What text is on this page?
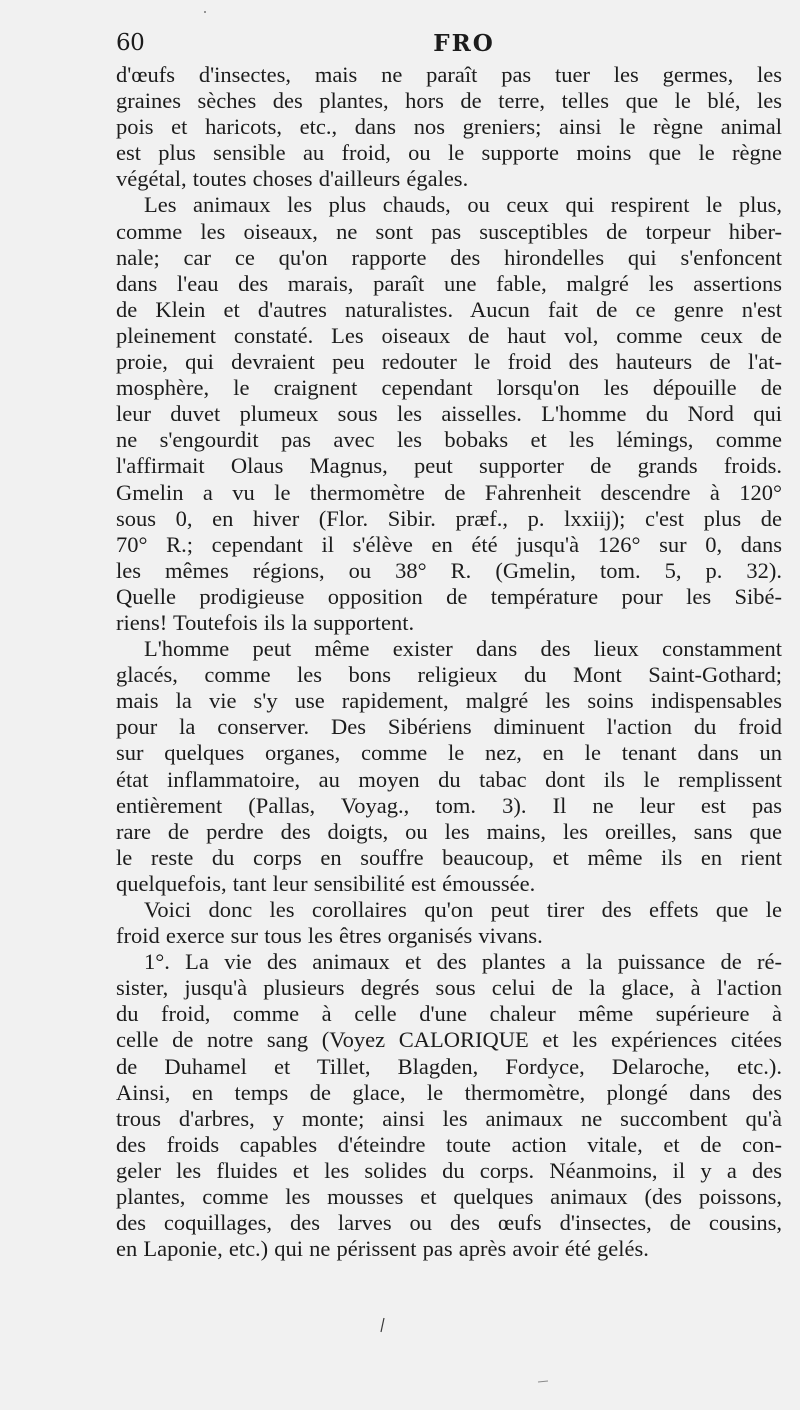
60	FRO
d'œufs d'insectes, mais ne paraît pas tuer les germes, les
graines sèches des plantes, hors de terre, telles que le blé, les
pois et haricots, etc., dans nos greniers; ainsi le règne animal
est plus sensible au froid, ou le supporte moins que le règne
végétal, toutes choses d'ailleurs égales.
Les animaux les plus chauds, ou ceux qui respirent le plus,
comme les oiseaux, ne sont pas susceptibles de torpeur hiber-
nale; car ce qu'on rapporte des hirondelles qui s'enfoncent
dans l'eau des marais, paraît une fable, malgré les assertions
de Klein et d'autres naturalistes. Aucun fait de ce genre n'est
pleinement constaté. Les oiseaux de haut vol, comme ceux de
proie, qui devraient peu redouter le froid des hauteurs de l'at-
mosphère, le craignent cependant lorsqu'on les dépouille de
leur duvet plumeux sous les aisselles. L'homme du Nord qui
ne s'engourdit pas avec les bobaks et les lémings, comme
l'affirmait Olaus Magnus, peut supporter de grands froids.
Gmelin a vu le thermomètre de Fahrenheit descendre à 120°
sous 0, en hiver (Flor. Sibir. præf., p. lxxiij); c'est plus de
70° R.; cependant il s'élève en été jusqu'à 126° sur 0, dans
les mêmes régions, ou 38° R. (Gmelin, tom. 5, p. 32).
Quelle prodigieuse opposition de température pour les Sibé-
riens! Toutefois ils la supportent.
L'homme peut même exister dans des lieux constamment
glacés, comme les bons religieux du Mont Saint-Gothard;
mais la vie s'y use rapidement, malgré les soins indispensables
pour la conserver. Des Sibériens diminuent l'action du froid
sur quelques organes, comme le nez, en le tenant dans un
état inflammatoire, au moyen du tabac dont ils le remplissent
entièrement (Pallas, Voyag., tom. 3). Il ne leur est pas
rare de perdre des doigts, ou les mains, les oreilles, sans que
le reste du corps en souffre beaucoup, et même ils en rient
quelquefois, tant leur sensibilité est émoussée.
Voici donc les corollaires qu'on peut tirer des effets que le
froid exerce sur tous les êtres organisés vivans.
1°. La vie des animaux et des plantes a la puissance de ré-
sister, jusqu'à plusieurs degrés sous celui de la glace, à l'action
du froid, comme à celle d'une chaleur même supérieure à
celle de notre sang (Voyez CALORIQUE et les expériences citées
de Duhamel et Tillet, Blagden, Fordyce, Delaroche, etc.).
Ainsi, en temps de glace, le thermomètre, plongé dans des
trous d'arbres, y monte; ainsi les animaux ne succombent qu'à
des froids capables d'éteindre toute action vitale, et de con-
geler les fluides et les solides du corps. Néanmoins, il y a des
plantes, comme les mousses et quelques animaux (des poissons,
des coquillages, des larves ou des œufs d'insectes, de cousins,
en Laponie, etc.) qui ne périssent pas après avoir été gelés.
